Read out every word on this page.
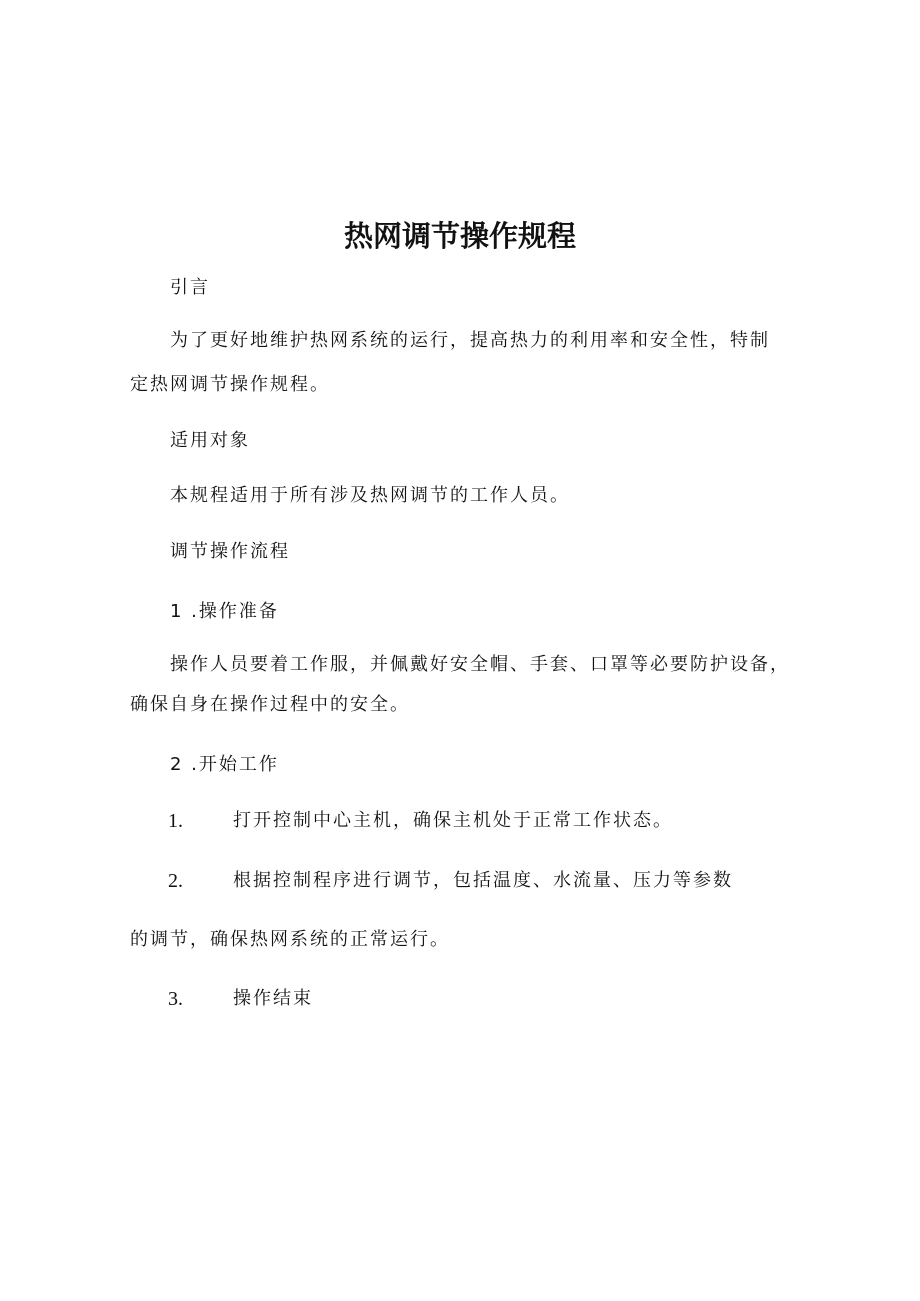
热网调节操作规程
引言
为了更好地维护热网系统的运行，提高热力的利用率和安全性，特制
定热网调节操作规程。
适用对象
本规程适用于所有涉及热网调节的工作人员。
调节操作流程
1 .操作准备
操作人员要着工作服，并佩戴好安全帽、手套、口罩等必要防护设备，
确保自身在操作过程中的安全。
2 .开始工作
1.	打开控制中心主机，确保主机处于正常工作状态。
2.	根据控制程序进行调节，包括温度、水流量、压力等参数
的调节，确保热网系统的正常运行。
3.	操作结束
